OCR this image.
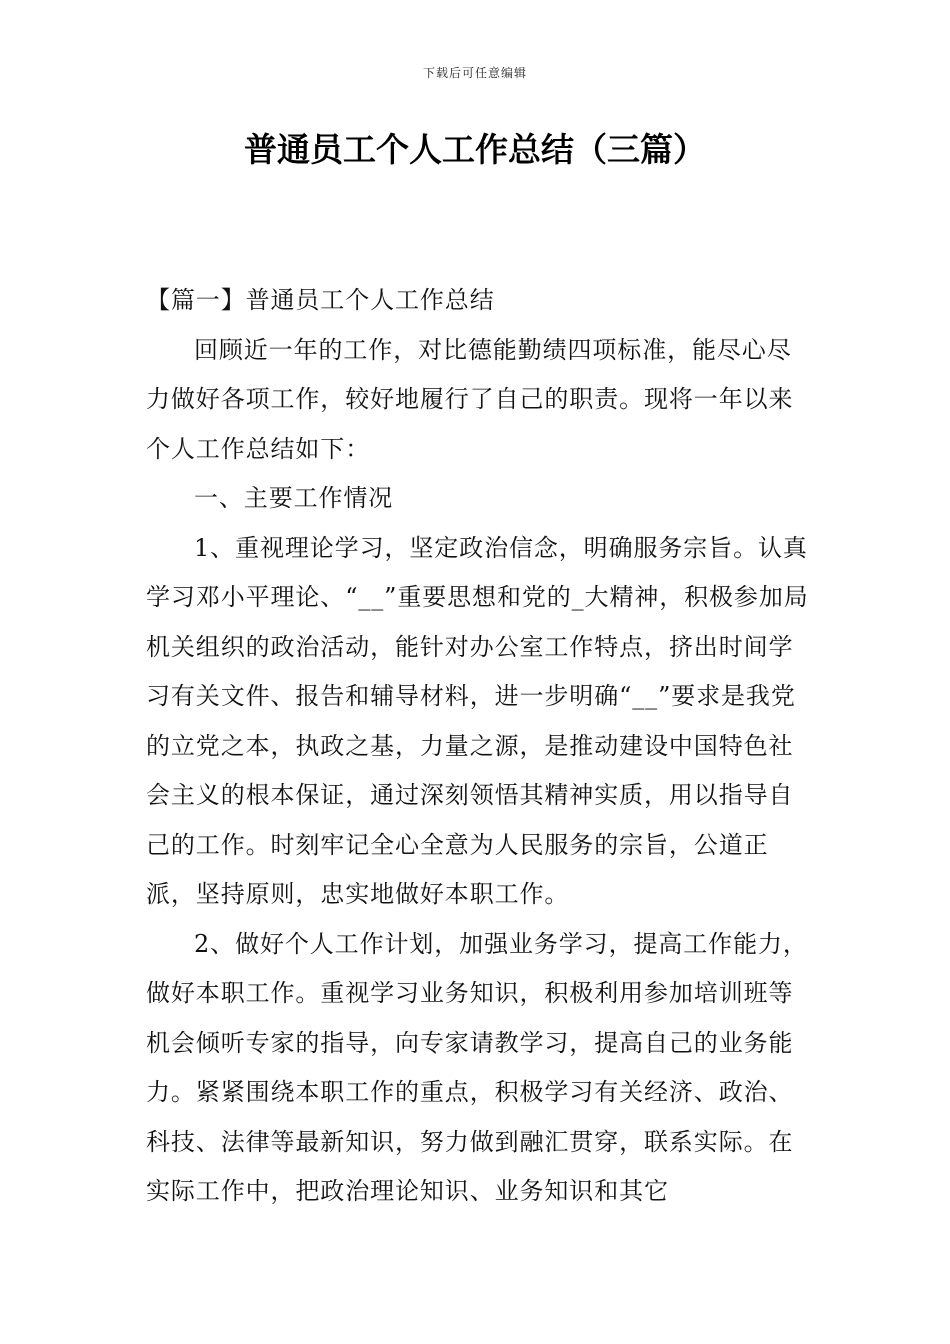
下载后可任意编辑
普通员工个人工作总结（三篇）

【篇一】普通员工个人工作总结

回顾近一年的工作，对比德能勤绩四项标准，能尽心尽力做好各项工作，较好地履行了自己的职责。现将一年以来个人工作总结如下：

一、主要工作情况

1、重视理论学习，坚定政治信念，明确服务宗旨。认真学习邓小平理论、“__”重要思想和党的_大精神，积极参加局机关组织的政治活动，能针对办公室工作特点，挤出时间学习有关文件、报告和辅导材料，进一步明确“__”要求是我党的立党之本，执政之基，力量之源，是推动建设中国特色社会主义的根本保证，通过深刻领悟其精神实质，用以指导自己的工作。时刻牢记全心全意为人民服务的宗旨，公道正派，坚持原则，忠实地做好本职工作。

2、做好个人工作计划，加强业务学习，提高工作能力，做好本职工作。重视学习业务知识，积极利用参加培训班等机会倾听专家的指导，向专家请教学习，提高自己的业务能力。紧紧围绕本职工作的重点，积极学习有关经济、政治、科技、法律等最新知识，努力做到融汇贯穿，联系实际。在实际工作中，把政治理论知识、业务知识和其它
